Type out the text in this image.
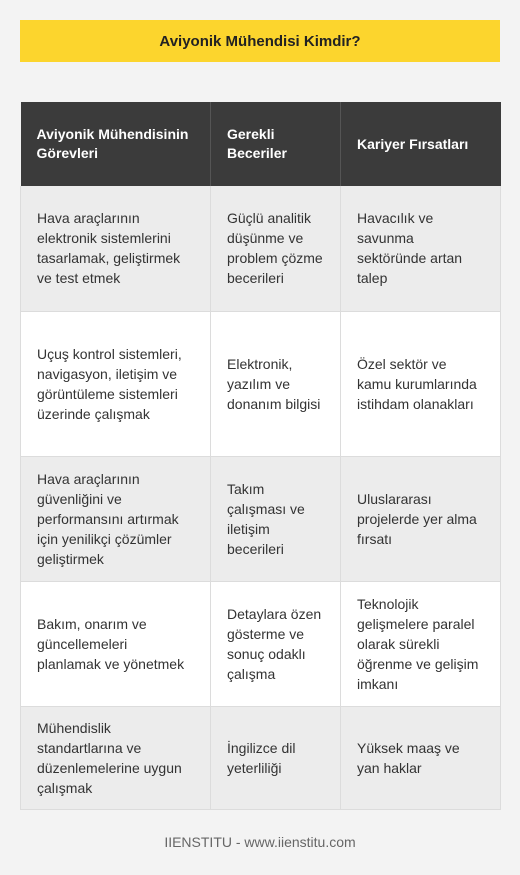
Aviyonik Mühendisi Kimdir?
Aviyonik Mühendisinin Görevleri	Gerekli Beceriler	Kariyer Fırsatları
Hava araçlarının elektronik sistemlerini tasarlamak, geliştirmek ve test etmek	Güçlü analitik düşünme ve problem çözme becerileri	Havacılık ve savunma sektöründe artan talep
Uçuş kontrol sistemleri, navigasyon, iletişim ve görüntüleme sistemleri üzerinde çalışmak	Elektronik, yazılım ve donanım bilgisi	Özel sektör ve kamu kurumlarında istihdam olanakları
Hava araçlarının güvenliğini ve performansını artırmak için yenilikçi çözümler geliştirmek	Takım çalışması ve iletişim becerileri	Uluslararası projelerde yer alma fırsatı
Bakım, onarım ve güncellemeleri planlamak ve yönetmek	Detaylara özen gösterme ve sonuç odaklı çalışma	Teknolojik gelişmelere paralel olarak sürekli öğrenme ve gelişim imkanı
Mühendislik standartlarına ve düzenlemelerine uygun çalışmak	İngilizce dil yeterliliği	Yüksek maaş ve yan haklar
IIENSTITU - www.iienstitu.com
